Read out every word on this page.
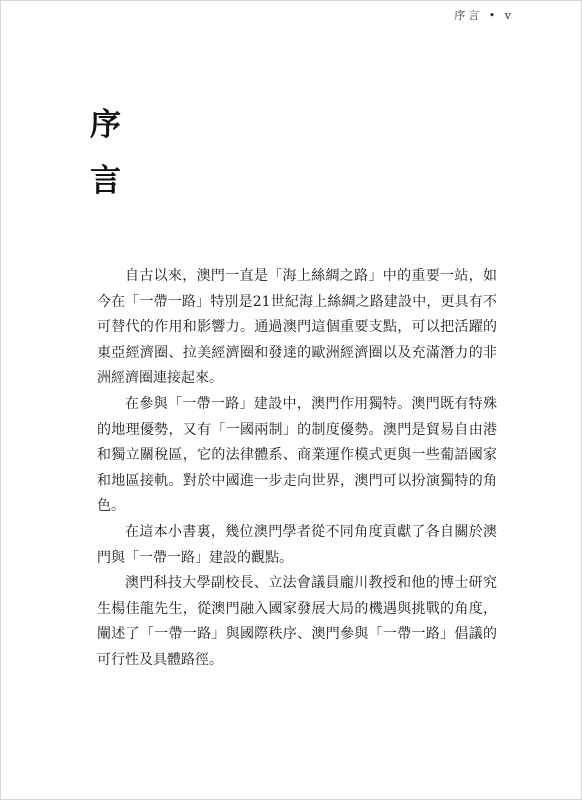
序言 • v
序
言

自古以來，澳門一直是「海上絲綢之路」中的重要一站，如今在「一帶一路」特別是21世紀海上絲綢之路建設中，更具有不可替代的作用和影響力。通過澳門這個重要支點，可以把活躍的東亞經濟圈、拉美經濟圈和發達的歐洲經濟圈以及充滿潛力的非洲經濟圈連接起來。

在參與「一帶一路」建設中，澳門作用獨特。澳門既有特殊的地理優勢，又有「一國兩制」的制度優勢。澳門是貿易自由港和獨立關稅區，它的法律體系、商業運作模式更與一些葡語國家和地區接軌。對於中國進一步走向世界，澳門可以扮演獨特的角色。

在這本小書裏，幾位澳門學者從不同角度貢獻了各自關於澳門與「一帶一路」建設的觀點。

澳門科技大學副校長、立法會議員龐川教授和他的博士研究生楊佳龍先生，從澳門融入國家發展大局的機遇與挑戰的角度，闡述了「一帶一路」與國際秩序、澳門參與「一帶一路」倡議的可行性及具體路徑。
